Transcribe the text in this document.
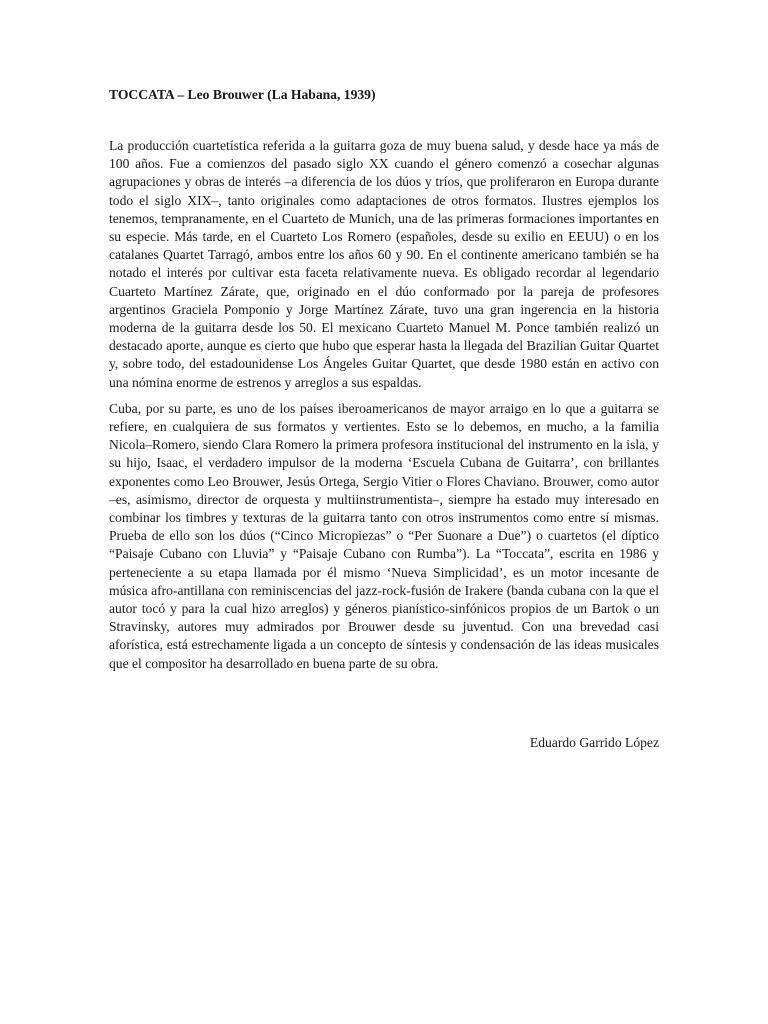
TOCCATA – Leo Brouwer (La Habana, 1939)

La producción cuartetística referida a la guitarra goza de muy buena salud, y desde hace ya más de 100 años. Fue a comienzos del pasado siglo XX cuando el género comenzó a cosechar algunas agrupaciones y obras de interés –a diferencia de los dúos y tríos, que proliferaron en Europa durante todo el siglo XIX–, tanto originales como adaptaciones de otros formatos. Ilustres ejemplos los tenemos, tempranamente, en el Cuarteto de Munich, una de las primeras formaciones importantes en su especie. Más tarde, en el Cuarteto Los Romero (españoles, desde su exilio en EEUU) o en los catalanes Quartet Tarragó, ambos entre los años 60 y 90. En el continente americano también se ha notado el interés por cultivar esta faceta relativamente nueva. Es obligado recordar al legendario Cuarteto Martínez Zárate, que, originado en el dúo conformado por la pareja de profesores argentinos Graciela Pomponio y Jorge Martínez Zárate, tuvo una gran ingerencia en la historia moderna de la guitarra desde los 50. El mexicano Cuarteto Manuel M. Ponce también realizó un destacado aporte, aunque es cierto que hubo que esperar hasta la llegada del Brazilian Guitar Quartet y, sobre todo, del estadounidense Los Ángeles Guitar Quartet, que desde 1980 están en activo con una nómina enorme de estrenos y arreglos a sus espaldas.

Cuba, por su parte, es uno de los países iberoamericanos de mayor arraigo en lo que a guitarra se refiere, en cualquiera de sus formatos y vertientes. Esto se lo debemos, en mucho, a la familia Nicola–Romero, siendo Clara Romero la primera profesora institucional del instrumento en la isla, y su hijo, Isaac, el verdadero impulsor de la moderna ‘Escuela Cubana de Guitarra’, con brillantes exponentes como Leo Brouwer, Jesús Ortega, Sergio Vitier o Flores Chaviano. Brouwer, como autor –es, asimismo, director de orquesta y multiinstrumentista–, siempre ha estado muy interesado en combinar los timbres y texturas de la guitarra tanto con otros instrumentos como entre sí mismas. Prueba de ello son los dúos (“Cinco Micropiezas” o “Per Suonare a Due”) o cuartetos (el díptico “Paisaje Cubano con Lluvia” y “Paisaje Cubano con Rumba”). La “Toccata”, escrita en 1986 y perteneciente a su etapa llamada por él mismo ‘Nueva Simplicidad’, es un motor incesante de música afro-antillana con reminiscencias del jazz-rock-fusión de Irakere (banda cubana con la que el autor tocó y para la cual hizo arreglos) y géneros pianístico-sinfónicos propios de un Bartok o un Stravinsky, autores muy admirados por Brouwer desde su juventud. Con una brevedad casi aforística, está estrechamente ligada a un concepto de síntesis y condensación de las ideas musicales que el compositor ha desarrollado en buena parte de su obra.

Eduardo Garrido López
